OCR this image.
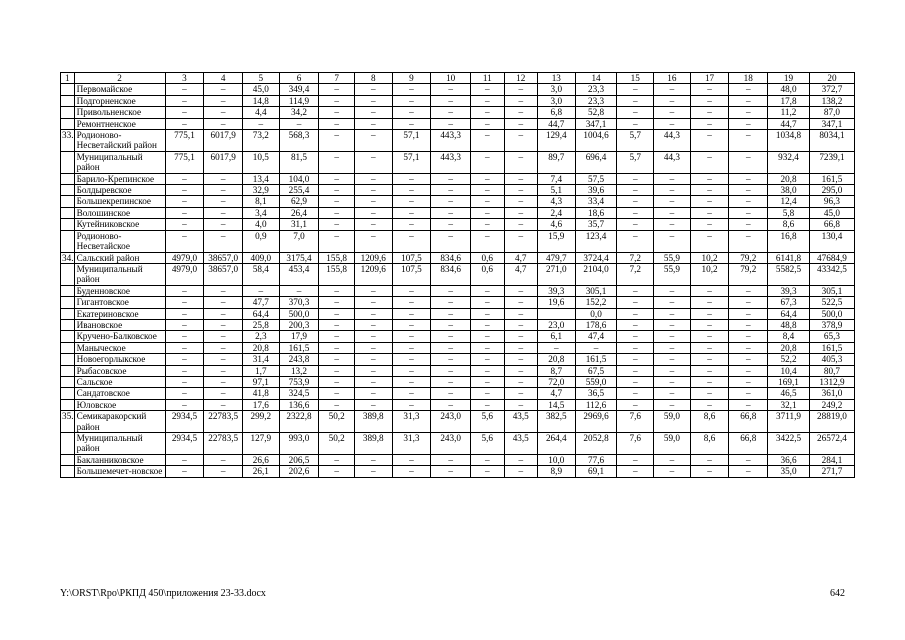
1	2	3	4	5	6	7	8	9	10	11	12	13	14	15	16	17	18	19	20
	Первомайское	–	–	45,0	349,4	–	–	–	–	–	–	3,0	23,3	–	–	–	–	48,0	372,7
	Подгорненское	–	–	14,8	114,9	–	–	–	–	–	–	3,0	23,3	–	–	–	–	17,8	138,2
	Привольненское	–	–	4,4	34,2	–	–	–	–	–	–	6,8	52,8	–	–	–	–	11,2	87,0
	Ремонтненское	–	–	–	–	–	–	–	–	–	–	44,7	347,1	–	–	–	–	44,7	347,1
33.	Родионово-Несветайский район	775,1	6017,9	73,2	568,3	–	–	57,1	443,3	–	–	129,4	1004,6	5,7	44,3	–	–	1034,8	8034,1
	Муниципальный район	775,1	6017,9	10,5	81,5	–	–	57,1	443,3	–	–	89,7	696,4	5,7	44,3	–	–	932,4	7239,1
	Барило-Крепинское	–	–	13,4	104,0	–	–	–	–	–	–	7,4	57,5	–	–	–	–	20,8	161,5
	Болдыревское	–	–	32,9	255,4	–	–	–	–	–	–	5,1	39,6	–	–	–	–	38,0	295,0
	Большекрепинское	–	–	8,1	62,9	–	–	–	–	–	–	4,3	33,4	–	–	–	–	12,4	96,3
	Волошинское	–	–	3,4	26,4	–	–	–	–	–	–	2,4	18,6	–	–	–	–	5,8	45,0
	Кутейниковское	–	–	4,0	31,1	–	–	–	–	–	–	4,6	35,7	–	–	–	–	8,6	66,8
	Родионово-Несветайское	–	–	0,9	7,0	–	–	–	–	–	–	15,9	123,4	–	–	–	–	16,8	130,4
34.	Сальский район	4979,0	38657,0	409,0	3175,4	155,8	1209,6	107,5	834,6	0,6	4,7	479,7	3724,4	7,2	55,9	10,2	79,2	6141,8	47684,9
	Муниципальный район	4979,0	38657,0	58,4	453,4	155,8	1209,6	107,5	834,6	0,6	4,7	271,0	2104,0	7,2	55,9	10,2	79,2	5582,5	43342,5
	Буденновское	–	–	–	–	–	–	–	–	–	–	39,3	305,1	–	–	–	–	39,3	305,1
	Гигантовское	–	–	47,7	370,3	–	–	–	–	–	–	19,6	152,2	–	–	–	–	67,3	522,5
	Екатериновское	–	–	64,4	500,0	–	–	–	–	–	–		0,0	–	–	–	–	64,4	500,0
	Ивановское	–	–	25,8	200,3	–	–	–	–	–	–	23,0	178,6	–	–	–	–	48,8	378,9
	Кручено-Балковское	–	–	2,3	17,9	–	–	–	–	–	–	6,1	47,4	–	–	–	–	8,4	65,3
	Маныческое	–	–	20,8	161,5	–	–	–	–	–	–	–	–	–	–	–	–	20,8	161,5
	Новоегорлыкское	–	–	31,4	243,8	–	–	–	–	–	–	20,8	161,5	–	–	–	–	52,2	405,3
	Рыбасовское	–	–	1,7	13,2	–	–	–	–	–	–	8,7	67,5	–	–	–	–	10,4	80,7
	Сальское	–	–	97,1	753,9	–	–	–	–	–	–	72,0	559,0	–	–	–	–	169,1	1312,9
	Сандатовское	–	–	41,8	324,5	–	–	–	–	–	–	4,7	36,5	–	–	–	–	46,5	361,0
	Юловское	–	–	17,6	136,6	–	–	–	–	–	–	14,5	112,6	–	–	–	–	32,1	249,2
35.	Семикаракорский район	2934,5	22783,5	299,2	2322,8	50,2	389,8	31,3	243,0	5,6	43,5	382,5	2969,6	7,6	59,0	8,6	66,8	3711,9	28819,0
	Муниципальный район	2934,5	22783,5	127,9	993,0	50,2	389,8	31,3	243,0	5,6	43,5	264,4	2052,8	7,6	59,0	8,6	66,8	3422,5	26572,4
	Бакланниковское	–	–	26,6	206,5	–	–	–	–	–	–	10,0	77,6	–	–	–	–	36,6	284,1
	Большемечет-новское	–	–	26,1	202,6	–	–	–	–	–	–	8,9	69,1	–	–	–	–	35,0	271,7
Y:\ORST\Rpo\РКПД 450\приложения 23-33.docx	642
